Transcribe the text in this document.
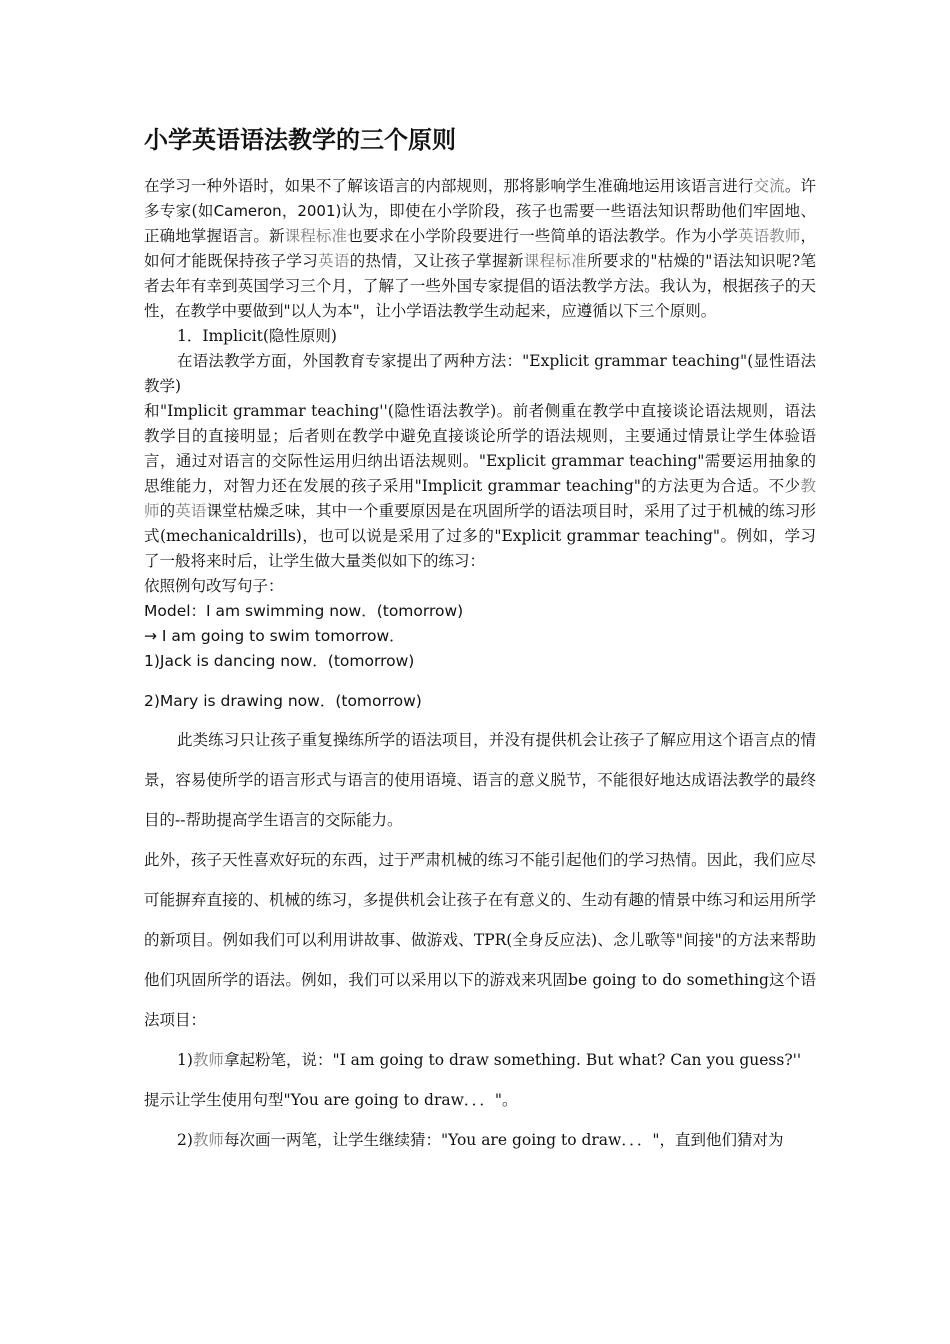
小学英语语法教学的三个原则

在学习一种外语时，如果不了解该语言的内部规则，那将影响学生准确地运用该语言进行交流。许多专家(如Cameron，2001)认为，即使在小学阶段，孩子也需要一些语法知识帮助他们牢固地、正确地掌握语言。新课程标准也要求在小学阶段要进行一些简单的语法教学。作为小学英语教师，如何才能既保持孩子学习英语的热情，又让孩子掌握新课程标准所要求的"枯燥的"语法知识呢?笔者去年有幸到英国学习三个月，了解了一些外国专家提倡的语法教学方法。我认为，根据孩子的天性，在教学中要做到"以人为本"，让小学语法教学生动起来，应遵循以下三个原则。

1．Implicit(隐性原则)

在语法教学方面，外国教育专家提出了两种方法："Explicit grammar teaching"(显性语法教学)

和"Implicit grammar teaching''(隐性语法教学)。前者侧重在教学中直接谈论语法规则，语法教学目的直接明显；后者则在教学中避免直接谈论所学的语法规则，主要通过情景让学生体验语言，通过对语言的交际性运用归纳出语法规则。"Explicit grammar teaching"需要运用抽象的思维能力，对智力还在发展的孩子采用"Implicit grammar teaching"的方法更为合适。不少教师的英语课堂枯燥乏味，其中一个重要原因是在巩固所学的语法项目时，采用了过于机械的练习形式(mechanicaldrills)，也可以说是采用了过多的"Explicit grammar teaching"。例如，学习了一般将来时后，让学生做大量类似如下的练习：

依照例句改写句子：

Model：I am swimming now．(tomorrow)

→ I am going to swim tomorrow．

1)Jack is dancing now．(tomorrow)

2)Mary is drawing now．(tomorrow)

此类练习只让孩子重复操练所学的语法项目，并没有提供机会让孩子了解应用这个语言点的情景，容易使所学的语言形式与语言的使用语境、语言的意义脱节，不能很好地达成语法教学的最终目的--帮助提高学生语言的交际能力。

此外，孩子天性喜欢好玩的东西，过于严肃机械的练习不能引起他们的学习热情。因此，我们应尽可能摒弃直接的、机械的练习，多提供机会让孩子在有意义的、生动有趣的情景中练习和运用所学的新项目。例如我们可以利用讲故事、做游戏、TPR(全身反应法)、念儿歌等"间接"的方法来帮助他们巩固所学的语法。例如，我们可以采用以下的游戏来巩固be going to do something这个语法项目：

1)教师拿起粉笔，说："I am going to draw something. But what? Can you guess?''

提示让学生使用句型"You are going to draw．．．"。

2)教师每次画一两笔，让学生继续猜："You are going to draw．．．"，直到他们猜对为
